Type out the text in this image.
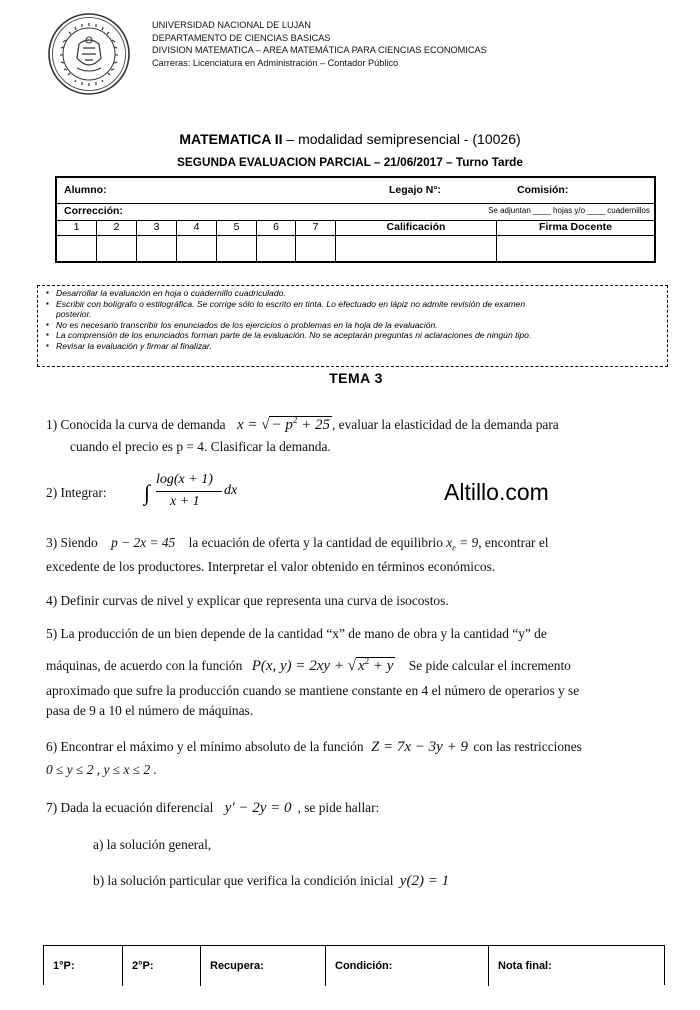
UNIVERSIDAD NACIONAL DE LUJAN
DEPARTAMENTO DE CIENCIAS BASICAS
DIVISION MATEMATICA – AREA MATEMÁTICA PARA CIENCIAS ECONOMICAS
Carreras: Licenciatura en Administración – Contador Público
MATEMATICA II – modalidad semipresencial - (10026)
SEGUNDA EVALUACION PARCIAL – 21/06/2017 – Turno Tarde
Alumno:	Legajo N°:	Comisión:
Corrección:	Se adjuntan ____ hojas y/o ____ cuadernillos
1	2	3	4	5	6	7	Calificación	Firma Docente
▪ Desarrollar la evaluación en hoja o cuadernillo cuadriculado.
▪ Escribir con bolígrafo o estilográfica. Se corrige sólo lo escrito en tinta. Lo efectuado en lápiz no admite revisión de examen
posterior.
▪ No es necesario transcribir los enunciados de los ejercicios o problemas en la hoja de la evaluación.
▪ La comprensión de los enunciados forman parte de la evaluación. No se aceptarán preguntas ni aclaraciones de ningún tipo.
▪ Revisar la evaluación y firmar al finalizar.
TEMA 3
1) Conocida la curva de demanda x = √ − $p^2 + 25$ , evaluar la elasticidad de la demanda para
cuando el precio es p = 4. Clasificar la demanda.
2) Integrar: ∫
log(x + 1)
x + 1
dx	Altillo.com
3) Siendo p − 2x = 45 la ecuación de oferta y la cantidad de equilibrio $x_e = 9$, encontrar el
excedente de los productores. Interpretar el valor obtenido en términos económicos.
4) Definir curvas de nivel y explicar que representa una curva de isocostos.
5) La producción de un bien depende de la cantidad “x” de mano de obra y la cantidad “y” de
máquinas, de acuerdo con la función P(x, y) = 2xy + √ $x^2 + y$ Se pide calcular el incremento
aproximado que sufre la producción cuando se mantiene constante en 4 el número de operarios y se
pasa de 9 a 10 el número de máquinas.
6) Encontrar el máximo y el mínimo absoluto de la función Z = 7x − 3y + 9 con las restricciones
0 ≤ y ≤ 2 , y ≤ x ≤ 2 .
7) Dada la ecuación diferencial y′ − 2y = 0 , se pide hallar:
a) la solución general,
b) la solución particular que verifica la condición inicial y(2) = 1
1°P:	2°P:	Recupera:	Condición:	Nota final:
